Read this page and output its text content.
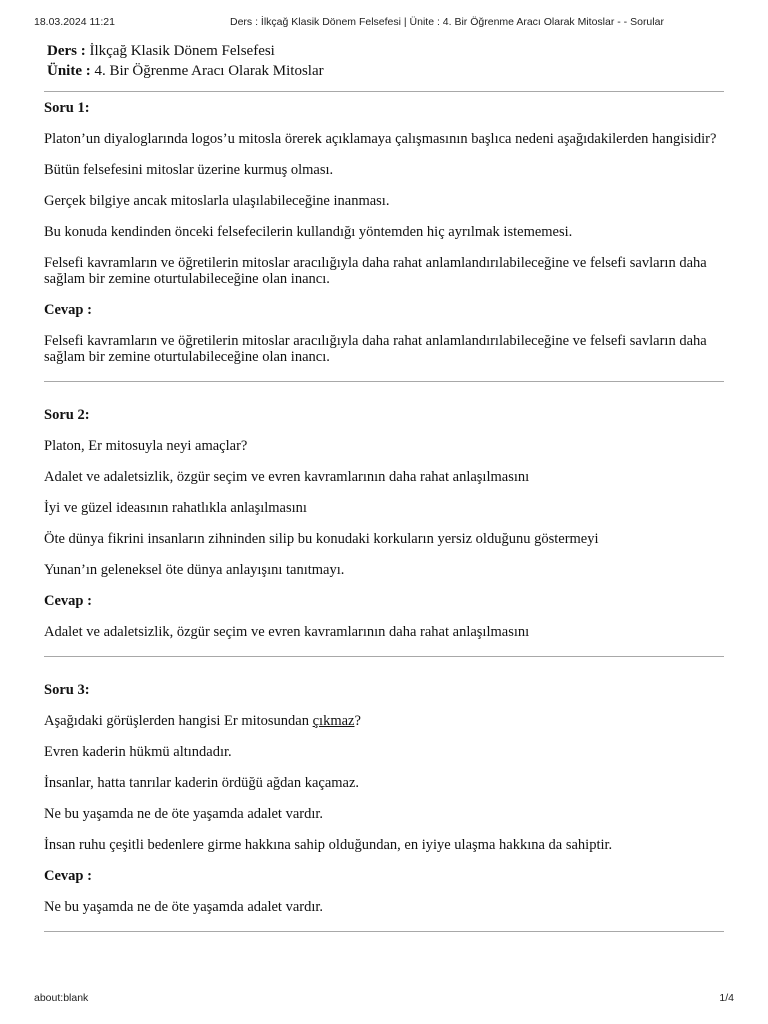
18.03.2024 11:21	Ders : İlkçağ Klasik Dönem Felsefesi | Ünite : 4. Bir Öğrenme Aracı Olarak Mitoslar - - Sorular
Ders : İlkçağ Klasik Dönem Felsefesi
Ünite : 4. Bir Öğrenme Aracı Olarak Mitoslar

Soru 1:

Platon’un diyaloglarında logos’u mitosla örerek açıklamaya çalışmasının başlıca nedeni aşağıdakilerden hangisidir?

Bütün felsefesini mitoslar üzerine kurmuş olması.

Gerçek bilgiye ancak mitoslarla ulaşılabileceğine inanması.

Bu konuda kendinden önceki felsefecilerin kullandığı yöntemden hiç ayrılmak istememesi.

Felsefi kavramların ve öğretilerin mitoslar aracılığıyla daha rahat anlamlandırılabileceğine ve felsefi savların daha sağlam bir zemine oturtulabileceğine olan inancı.

Cevap :

Felsefi kavramların ve öğretilerin mitoslar aracılığıyla daha rahat anlamlandırılabileceğine ve felsefi savların daha sağlam bir zemine oturtulabileceğine olan inancı.

Soru 2:

Platon, Er mitosuyla neyi amaçlar?

Adalet ve adaletsizlik, özgür seçim ve evren kavramlarının daha rahat anlaşılmasını

İyi ve güzel ideasının rahatlıkla anlaşılmasını

Öte dünya fikrini insanların zihninden silip bu konudaki korkuların yersiz olduğunu göstermeyi

Yunan’ın geleneksel öte dünya anlayışını tanıtmayı.

Cevap :

Adalet ve adaletsizlik, özgür seçim ve evren kavramlarının daha rahat anlaşılmasını

Soru 3:

Aşağıdaki görüşlerden hangisi Er mitosundan çıkmaz?

Evren kaderin hükmü altındadır.

İnsanlar, hatta tanrılar kaderin ördüğü ağdan kaçamaz.

Ne bu yaşamda ne de öte yaşamda adalet vardır.

İnsan ruhu çeşitli bedenlere girme hakkına sahip olduğundan, en iyiye ulaşma hakkına da sahiptir.

Cevap :

Ne bu yaşamda ne de öte yaşamda adalet vardır.

about:blank	1/4
